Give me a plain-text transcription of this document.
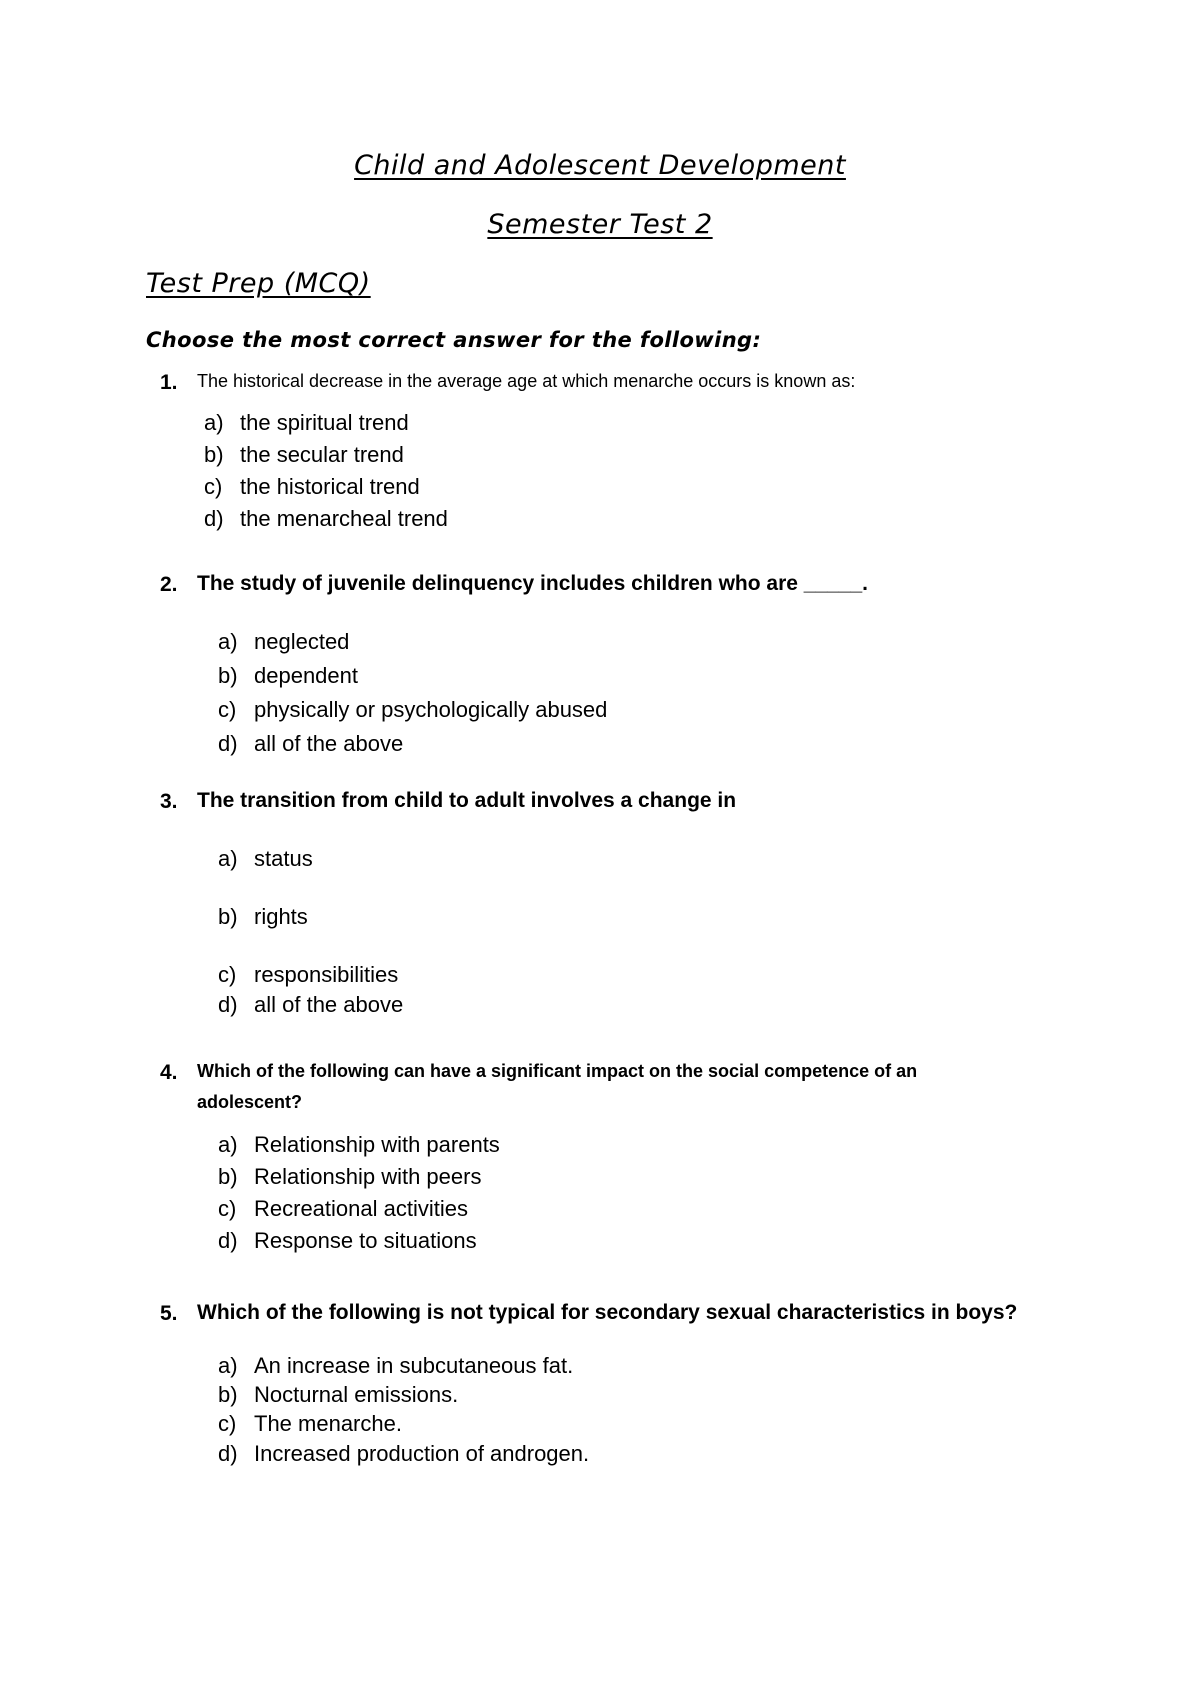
Child and Adolescent Development
Semester Test 2
Test Prep (MCQ)
Choose the most correct answer for the following:
1. The historical decrease in the average age at which menarche occurs is known as:
a) the spiritual trend
b) the secular trend
c) the historical trend
d) the menarcheal trend
2. The study of juvenile delinquency includes children who are _____.
a) neglected
b) dependent
c) physically or psychologically abused
d) all of the above
3. The transition from child to adult involves a change in
a) status
b) rights
c) responsibilities
d) all of the above
4. Which of the following can have a significant impact on the social competence of an adolescent?
a) Relationship with parents
b) Relationship with peers
c) Recreational activities
d) Response to situations
5. Which of the following is not typical for secondary sexual characteristics in boys?
a) An increase in subcutaneous fat.
b) Nocturnal emissions.
c) The menarche.
d) Increased production of androgen.
